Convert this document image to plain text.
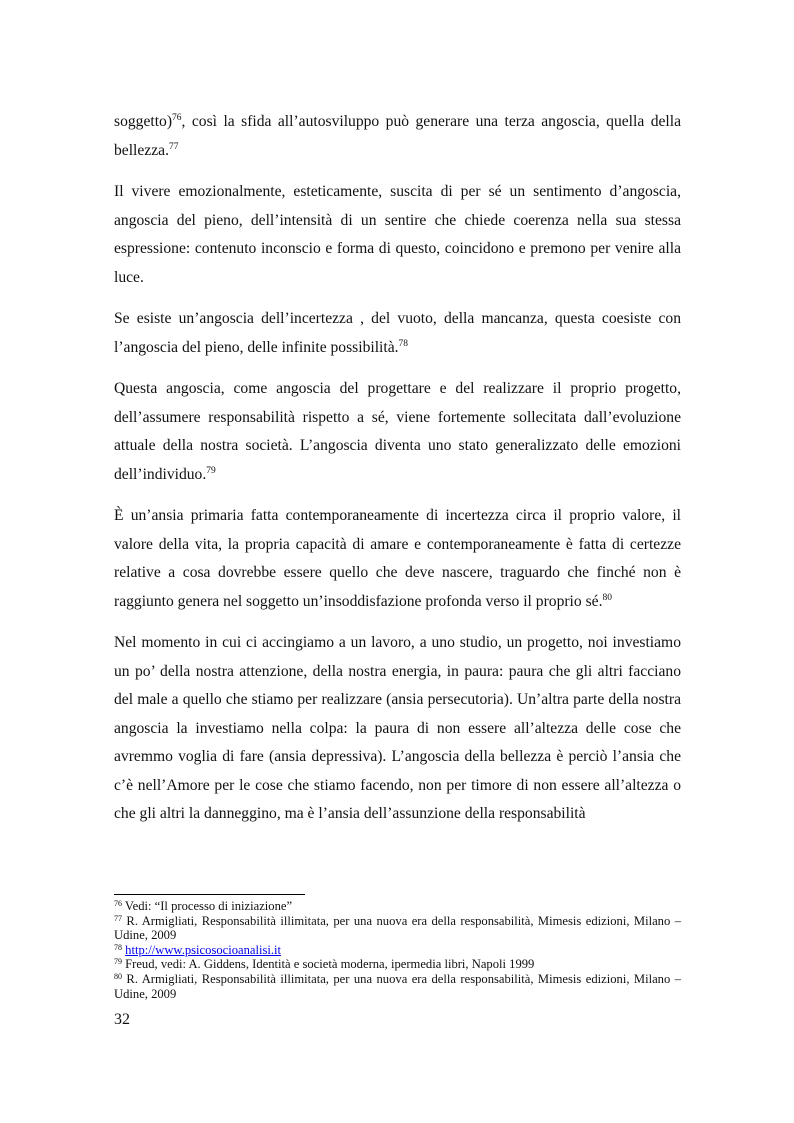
soggetto)$^{76}$, così la sfida all’autosviluppo può generare una terza angoscia, quella della bellezza.$^{77}$

Il vivere emozionalmente, esteticamente, suscita di per sé un sentimento d’angoscia, angoscia del pieno, dell’intensità di un sentire che chiede coerenza nella sua stessa espressione: contenuto inconscio e forma di questo, coincidono e premono per venire alla luce.

Se esiste un’angoscia dell’incertezza , del vuoto, della mancanza, questa coesiste con l’angoscia del pieno, delle infinite possibilità.$^{78}$

Questa angoscia, come angoscia del progettare e del realizzare il proprio progetto, dell’assumere responsabilità rispetto a sé, viene fortemente sollecitata dall’evoluzione attuale della nostra società. L’angoscia diventa uno stato generalizzato delle emozioni dell’individuo.$^{79}$

È un’ansia primaria fatta contemporaneamente di incertezza circa il proprio valore, il valore della vita, la propria capacità di amare e contemporaneamente è fatta di certezze relative a cosa dovrebbe essere quello che deve nascere, traguardo che finché non è raggiunto genera nel soggetto un’insoddisfazione profonda verso il proprio sé.$^{80}$

Nel momento in cui ci accingiamo a un lavoro, a uno studio, un progetto, noi investiamo un po’ della nostra attenzione, della nostra energia, in paura: paura che gli altri facciano del male a quello che stiamo per realizzare (ansia persecutoria). Un’altra parte della nostra angoscia la investiamo nella colpa: la paura di non essere all’altezza delle cose che avremmo voglia di fare (ansia depressiva). L’angoscia della bellezza è perciò l’ansia che c’è nell’Amore per le cose che stiamo facendo, non per timore di non essere all’altezza o che gli altri la danneggino, ma è l’ansia dell’assunzione della responsabilità

$^{76}$ Vedi: “Il processo di iniziazione”

$^{77}$ R. Armigliati, Responsabilità illimitata, per una nuova era della responsabilità, Mimesis edizioni, Milano – Udine, 2009

$^{78}$ http://www.psicosocioanalisi.it

$^{79}$ Freud, vedi: A. Giddens, Identità e società moderna, ipermedia libri, Napoli 1999

$^{80}$ R. Armigliati, Responsabilità illimitata, per una nuova era della responsabilità, Mimesis edizioni, Milano – Udine, 2009

32
